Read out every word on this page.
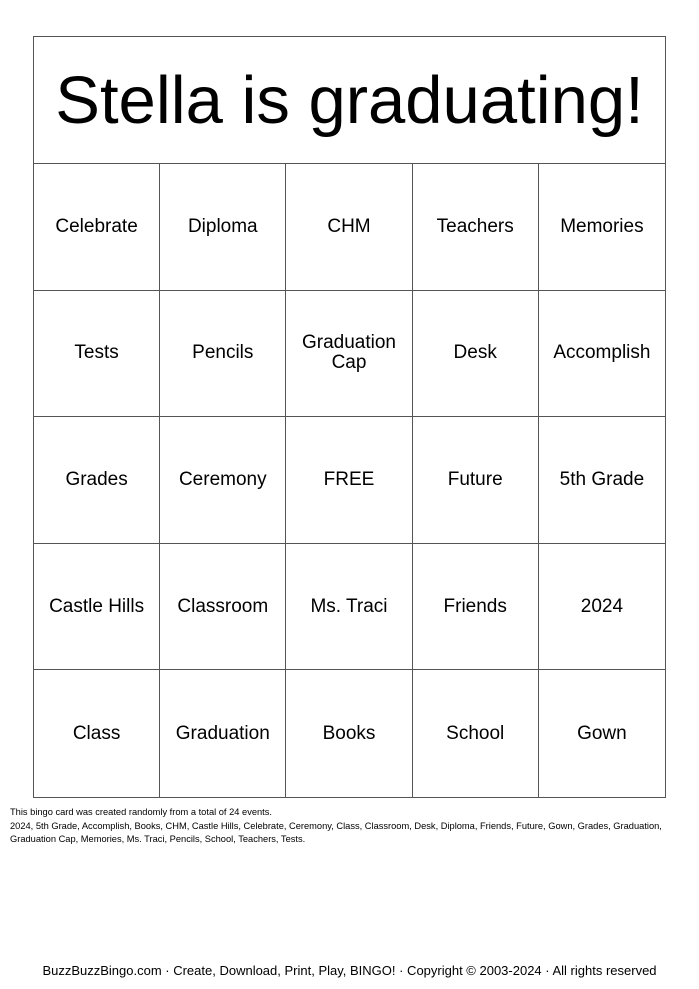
Stella is graduating!
Celebrate	Diploma	CHM	Teachers	Memories
Tests	Pencils	Graduation Cap	Desk	Accomplish
Grades	Ceremony	FREE	Future	5th Grade
Castle Hills	Classroom	Ms. Traci	Friends	2024
Class	Graduation	Books	School	Gown
This bingo card was created randomly from a total of 24 events.
2024, 5th Grade, Accomplish, Books, CHM, Castle Hills, Celebrate, Ceremony, Class, Classroom, Desk, Diploma, Friends, Future, Gown, Grades, Graduation, Graduation Cap, Memories, Ms. Traci, Pencils, School, Teachers, Tests.
BuzzBuzzBingo.com · Create, Download, Print, Play, BINGO! · Copyright © 2003-2024 · All rights reserved
